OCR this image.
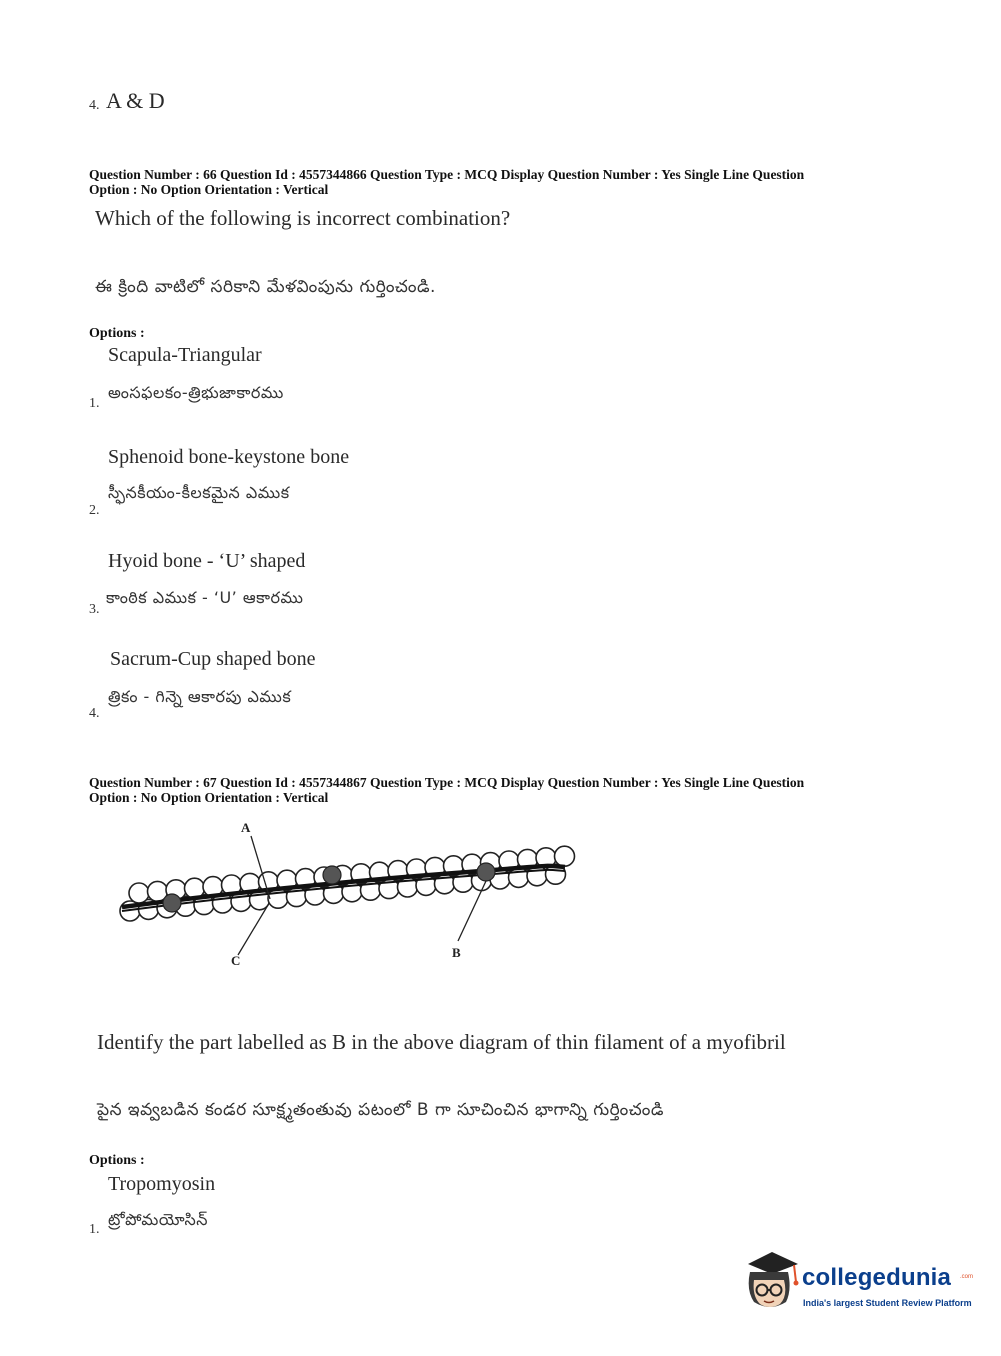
4. A & D
Question Number : 66 Question Id : 4557344866 Question Type : MCQ Display Question Number : Yes Single Line Question
Option : No Option Orientation : Vertical
Which of the following is incorrect combination?
ఈ క్రింది వాటిలో సరికాని మేళవింపును గుర్తించండి.
Options :
Scapula-Triangular
అంసఫలకం-త్రిభుజాకారము
1.
Sphenoid bone-keystone bone
స్ఫీనకీయం-కీలకమైన ఎముక
2.
Hyoid bone - ‘U’ shaped
కాంఠిక ఎముక - ‘U’ ఆకారము
3.
Sacrum-Cup shaped bone
త్రికం - గిన్నె ఆకారపు ఎముక
4.
Question Number : 67 Question Id : 4557344867 Question Type : MCQ Display Question Number : Yes Single Line Question
Option : No Option Orientation : Vertical
A
C
B
Identify the part labelled as B in the above diagram of thin filament of a myofibril
పైన ఇవ్వబడిన కండర సూక్ష్మతంతువు పటంలో B గా సూచించిన భాగాన్ని గుర్తించండి
Options :
Tropomyosin
ట్రోపోమయోసిన్
1.
collegedunia .com
India's largest Student Review Platform
